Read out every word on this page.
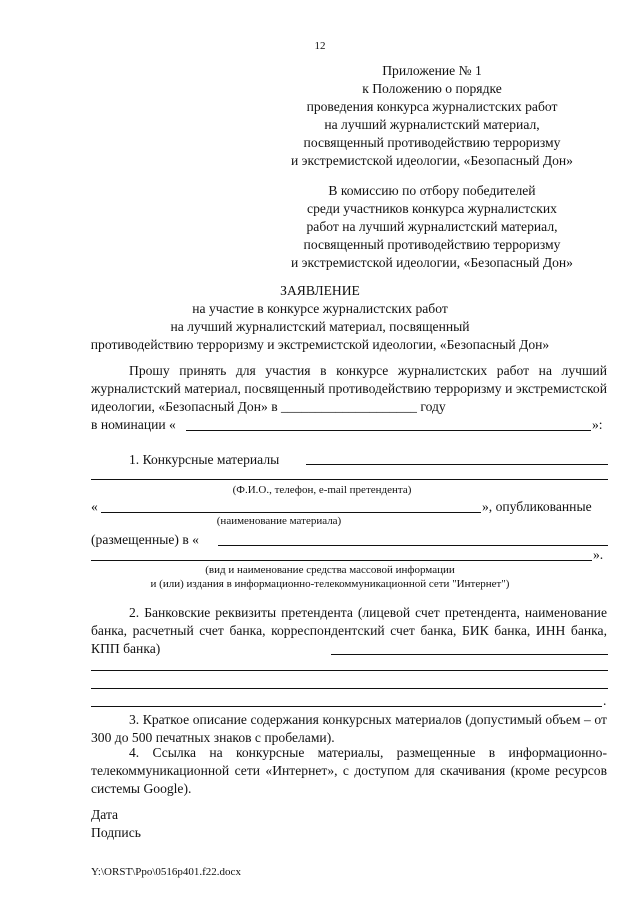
12
Приложение № 1
к Положению о порядке
проведения конкурса журналистских работ
на лучший журналистский материал,
посвященный противодействию терроризму
и экстремистской идеологии, «Безопасный Дон»
В комиссию по отбору победителей
среди участников конкурса журналистских
работ на лучший журналистский материал,
посвященный противодействию терроризму
и экстремистской идеологии, «Безопасный Дон»
ЗАЯВЛЕНИЕ
на участие в конкурсе журналистских работ
на лучший журналистский материал, посвященный
противодействию терроризму и экстремистской идеологии, «Безопасный Дон»
Прошу принять для участия в конкурсе журналистских работ на лучший журналистский материал, посвященный противодействию терроризму и экстремистской идеологии, «Безопасный Дон» в ____________________ году
в номинации «	»:
1. Конкурсные материалы
(Ф.И.О., телефон, e-mail претендента)
«	», опубликованные
(наименование материала)
(размещенные) в «
».
(вид и наименование средства массовой информации
и (или) издания в информационно-телекоммуникационной сети "Интернет")
2. Банковские реквизиты претендента (лицевой счет претендента, наименование банка, расчетный счет банка, корреспондентский счет банка, БИК банка, ИНН банка, КПП банка)
.
3. Краткое описание содержания конкурсных материалов (допустимый объем – от 300 до 500 печатных знаков с пробелами).
4. Ссылка на конкурсные материалы, размещенные в информационно-телекоммуникационной сети «Интернет», с доступом для скачивания (кроме ресурсов системы Google).
Дата
Подпись
Y:\ORST\Ppo\0516p401.f22.docx
